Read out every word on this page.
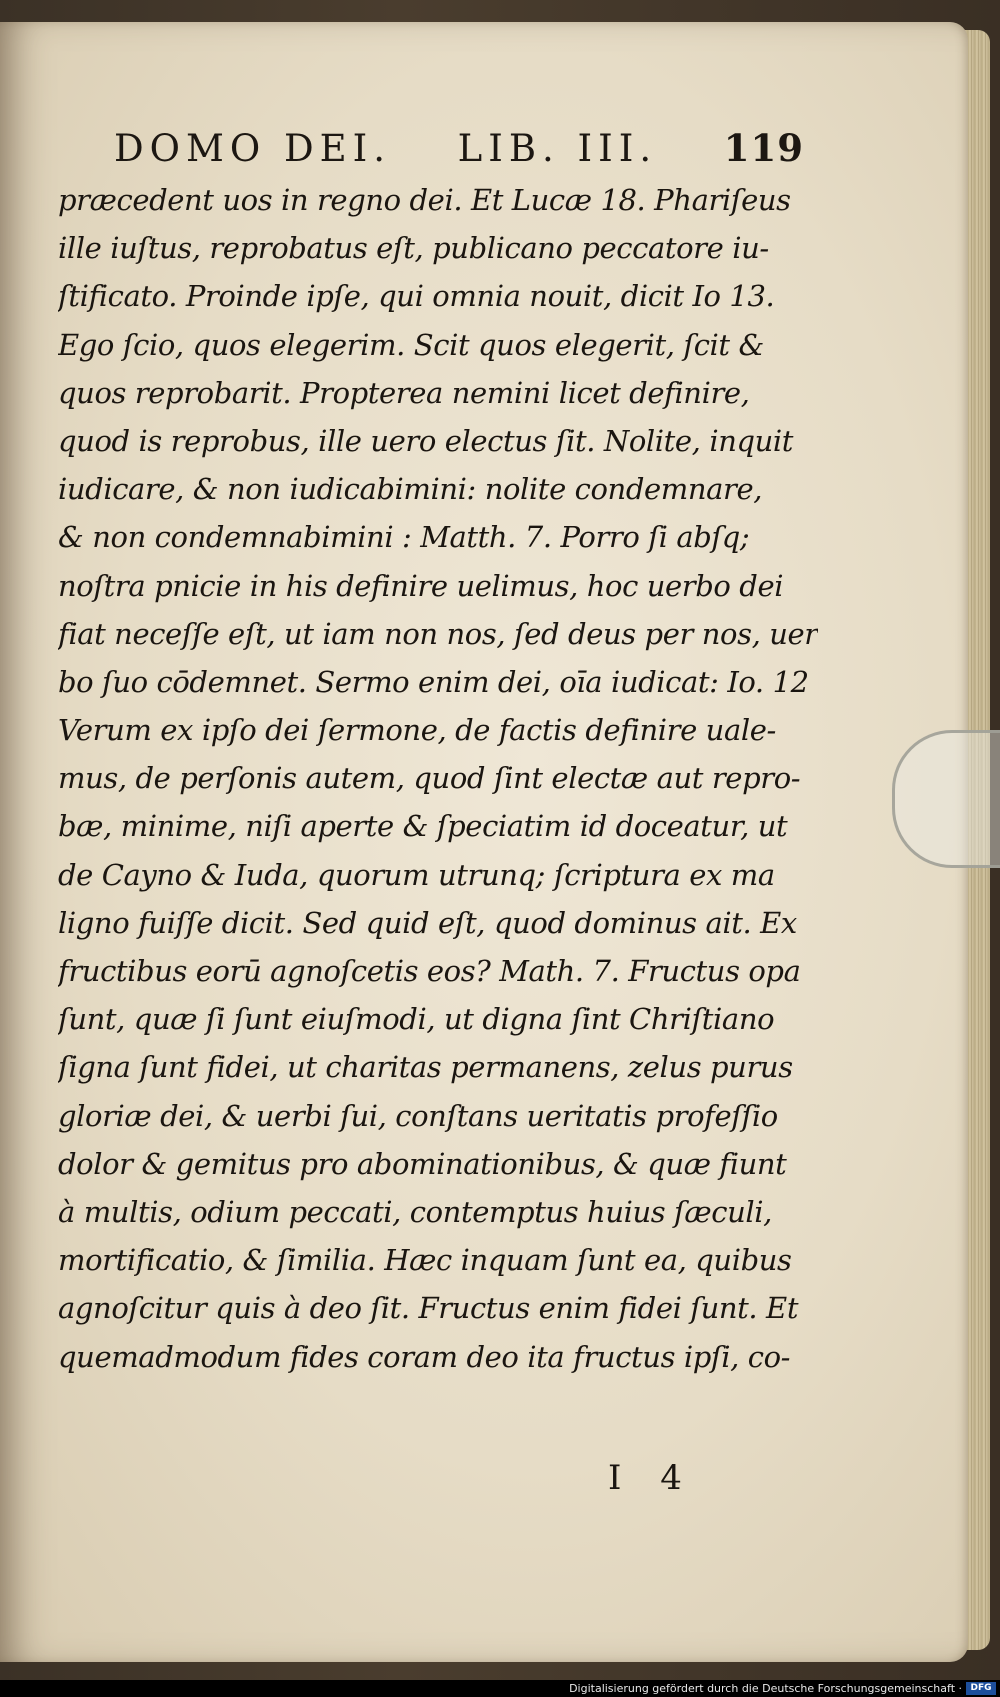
DOMO DEI. LIB. III. 119
præcedent uos in regno dei. Et Lucæ 18. Phariſeus
ille iuſtus, reprobatus eſt, publicano peccatore iu-
ſtificato. Proinde ipſe, qui omnia nouit, dicit Io 13.
Ego ſcio, quos elegerim. Scit quos elegerit, ſcit &
quos reprobarit. Propterea nemini licet definire,
quod is reprobus, ille uero electus ſit. Nolite, inquit
iudicare, & non iudicabimini: nolite condemnare,
& non condemnabimini : Matth. 7. Porro ſi abſq;
noſtra pnicie in his definire uelimus, hoc uerbo dei
fiat neceſſe eſt, ut iam non nos, ſed deus per nos, uer
bo ſuo cōdemnet. Sermo enim dei, oīa iudicat: Io. 12
Verum ex ipſo dei ſermone, de factis definire uale-
mus, de perſonis autem, quod ſint electæ aut repro-
bæ, minime, niſi aperte & ſpeciatim id doceatur, ut
de Cayno & Iuda, quorum utrunq; ſcriptura ex ma
ligno fuiſſe dicit. Sed quid eſt, quod dominus ait. Ex
fructibus eorū agnoſcetis eos? Math. 7. Fructus opa
ſunt, quæ ſi ſunt eiuſmodi, ut digna ſint Chriſtiano
ſigna ſunt fidei, ut charitas permanens, zelus purus
gloriæ dei, & uerbi ſui, conſtans ueritatis profeſſio
dolor & gemitus pro abominationibus, & quæ fiunt
à multis, odium peccati, contemptus huius ſæculi,
mortificatio, & ſimilia. Hæc inquam ſunt ea, quibus
agnoſcitur quis à deo ſit. Fructus enim fidei ſunt. Et
quemadmodum fides coram deo ita fructus ipſi, co-
I 4
Digitalisierung gefördert durch die Deutsche Forschungsgemeinschaft · DFG
